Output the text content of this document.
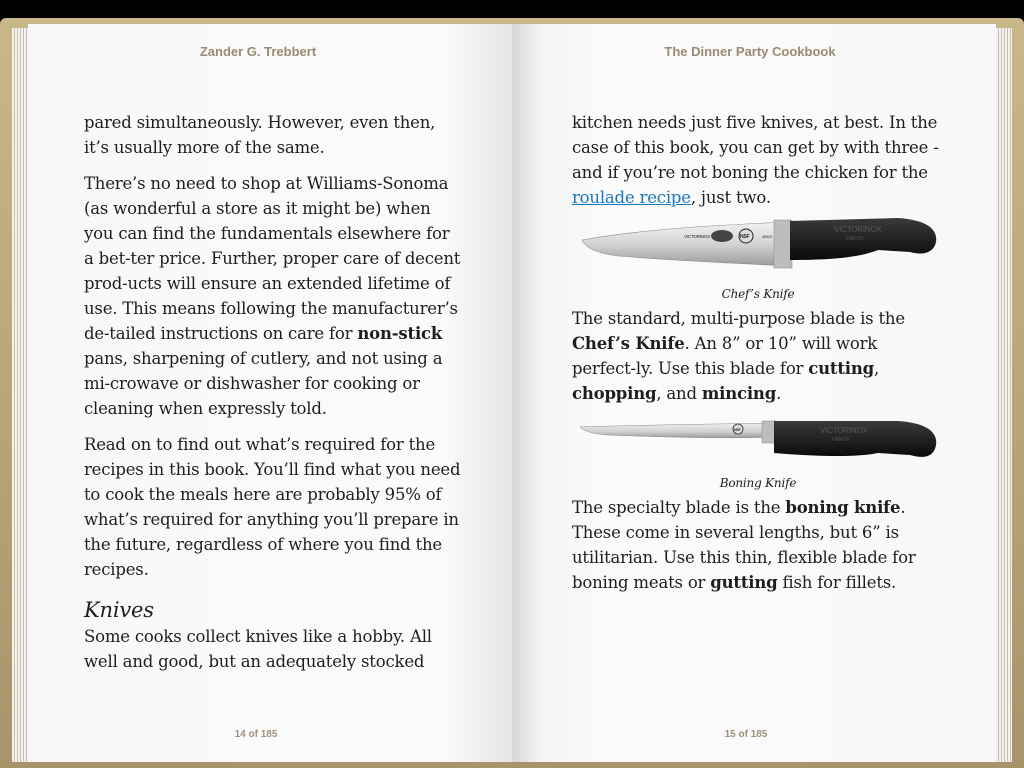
Zander G. Trebbert

pared simultaneously. However, even then, it’s usually more of the same.

There’s no need to shop at Williams-Sonoma (as wonderful a store as it might be) when you can find the fundamentals elsewhere for a bet-ter price. Further, proper care of decent prod-ucts will ensure an extended lifetime of use. This means following the manufacturer’s de-tailed instructions on care for non-stick pans, sharpening of cutlery, and not using a mi-crowave or dishwasher for cooking or cleaning when expressly told.

Read on to find out what’s required for the recipes in this book. You’ll find what you need to cook the meals here are probably 95% of what’s required for anything you’ll prepare in the future, regardless of where you find the recipes.

Knives

Some cooks collect knives like a hobby. All well and good, but an adequately stocked

14 of 185
The Dinner Party Cookbook

kitchen needs just five knives, at best. In the case of this book, you can get by with three - and if you’re not boning the chicken for the roulade recipe, just two.

VICTORINOX	NSF	40520
VICTORINOX
FIBROX
Chef’s Knife

The standard, multi-purpose blade is the Chef’s Knife. An 8” or 10” will work perfect-ly. Use this blade for cutting, chopping, and mincing.

NSF	VICTORINOX
FIBROX
Boning Knife

The specialty blade is the boning knife. These come in several lengths, but 6” is utilitarian. Use this thin, flexible blade for boning meats or gutting fish for fillets.

15 of 185
